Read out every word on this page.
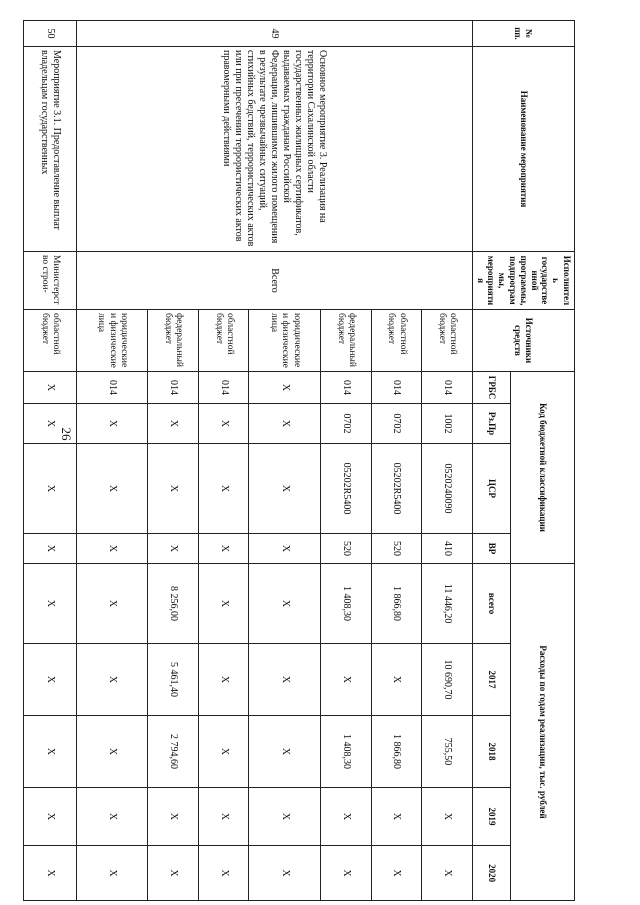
26
№ пп.	Наименование мероприятия	Исполнитель государственной программы, подпрограммы, мероприятия	Источники средств	Код бюджетной классификации				Расходы по годам реализации, тыс. рублей				
				ГРБС	Рз.Пр	ЦСР	ВР	всего	2017	2018	2019	2020
49	Основное мероприятие 3. Реализация на территории Сахалинской области государственных жилищных сертификатов, выдаваемых гражданам Российской Федерации, лишившимся жилого помещения в результате чрезвычайных ситуаций, стихийных бедствий, террористических актов или при пресечении террористических актов правомерными действиями	Всего	областной бюджет	014	1002	0520240090	410	11 446,20	10 690,70	755,50	Х	Х
			областной бюджет	014	0702	05202R5400	520	1 866,80	Х	1 866,80	Х	Х
			федеральный бюджет	014	0702	05202R5400	520	1 408,30	Х	1 408,30	Х	Х
			юридические и физические лица	Х	Х	Х	Х	Х	Х	Х	Х	Х
			областной бюджет	014	Х	Х	Х	Х	Х	Х	Х	Х
			федеральный бюджет	014	Х	Х	Х	8 256,00	5 461,40	2 794,60	Х	Х
			юридические и физические лица	014	Х	Х	Х	Х	Х	Х	Х	Х
50	Мероприятие 3.1. Предоставление выплат владельцам государственных	Министерство строи-	областной бюджет	Х	Х	Х	Х	Х	Х	Х	Х	Х
